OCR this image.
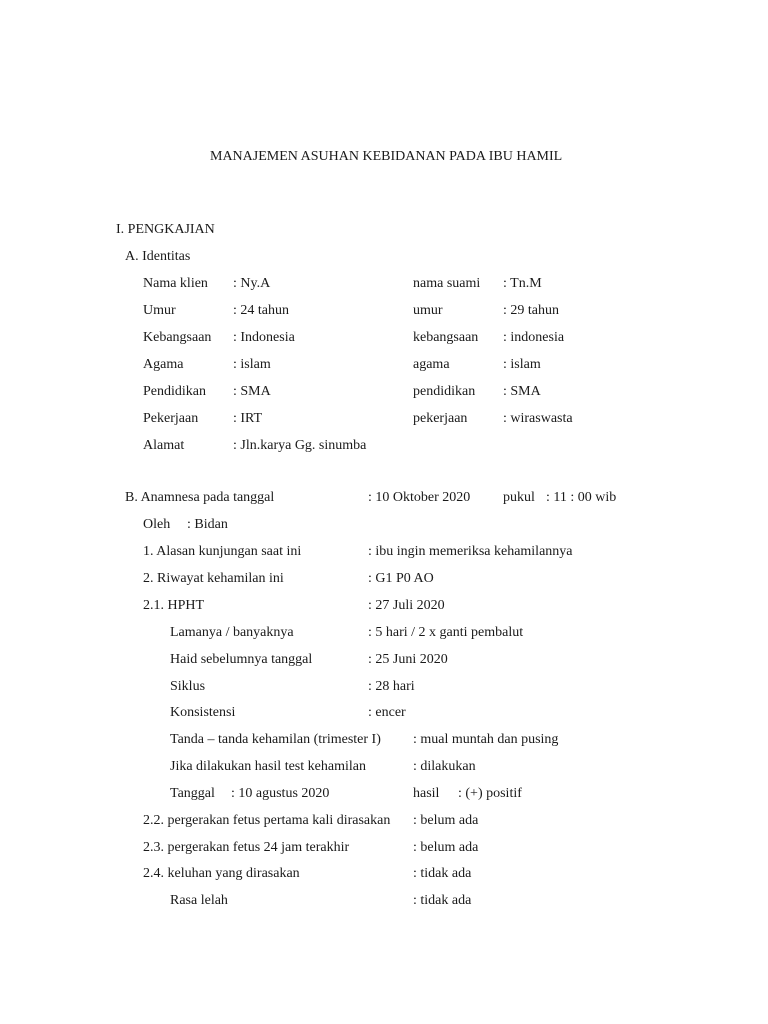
MANAJEMEN ASUHAN KEBIDANAN PADA IBU HAMIL
I. PENGKAJIAN
A. Identitas
Nama klien : Ny.A	nama suami : Tn.M
Umur	: 24 tahun	umur	: 29 tahun
Kebangsaan : Indonesia	kebangsaan : indonesia
Agama	: islam	agama	: islam
Pendidikan : SMA	pendidikan : SMA
Pekerjaan : IRT	pekerjaan	: wiraswasta
Alamat	: Jln.karya Gg. sinumba
B. Anamnesa pada tanggal	: 10 Oktober 2020 pukul : 11 : 00 wib
Oleh : Bidan
1. Alasan kunjungan saat ini	: ibu ingin memeriksa kehamilannya
2. Riwayat kehamilan ini	: G1 P0 AO
2.1. HPHT	: 27 Juli 2020
Lamanya / banyaknya	: 5 hari / 2 x ganti pembalut
Haid sebelumnya tanggal	: 25 Juni 2020
Siklus	: 28 hari
Konsistensi	: encer
Tanda – tanda kehamilan (trimester I) : mual muntah dan pusing
Jika dilakukan hasil test kehamilan	: dilakukan
Tanggal : 10 agustus 2020	hasil : (+) positif
2.2. pergerakan fetus pertama kali dirasakan : belum ada
2.3. pergerakan fetus 24 jam terakhir	: belum ada
2.4. keluhan yang dirasakan	: tidak ada
Rasa lelah	: tidak ada
